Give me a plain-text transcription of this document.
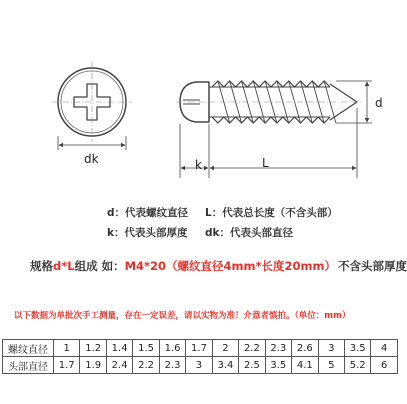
dk	k	L
d
d：代表螺纹直径 L：代表总长度（不含头部）
k：代表头部厚度 dk：代表头部直径
规格d*L组成 如：M4*20（螺纹直径4mm*长度20mm） 不含头部厚度
以下数据为单批次手工测量，存在一定误差，请以实物为准！介意者慎拍。（单位：mm）
螺纹直径	1	1.2	1.4	1.5	1.6	1.7	2	2.2	2.3	2.6	3	3.5	4
头部直径	1.7	1.9	2.4	2.2	2.3	3	3.4	2.5	3.5	4.1	5	5.2	6
